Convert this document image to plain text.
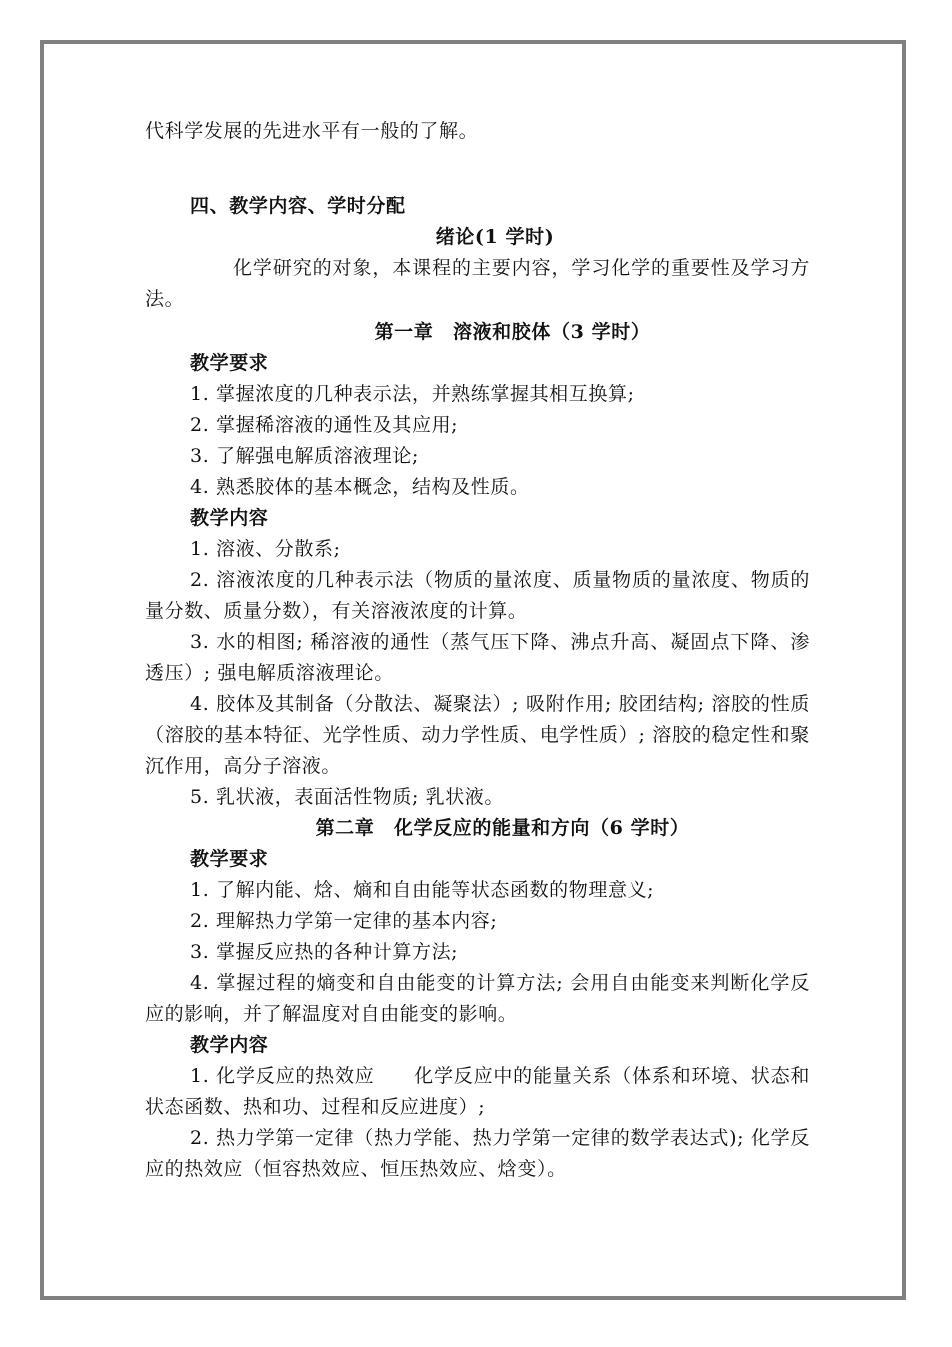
代科学发展的先进水平有一般的了解。

四、教学内容、学时分配

绪论(1 学时)

化学研究的对象，本课程的主要内容，学习化学的重要性及学习方法。

第一章　溶液和胶体（3 学时）

教学要求

1. 掌握浓度的几种表示法，并熟练掌握其相互换算;

2. 掌握稀溶液的通性及其应用;

3. 了解强电解质溶液理论;

4. 熟悉胶体的基本概念，结构及性质。

教学内容

1. 溶液、分散系;

2. 溶液浓度的几种表示法（物质的量浓度、质量物质的量浓度、物质的量分数、质量分数），有关溶液浓度的计算。

3. 水的相图; 稀溶液的通性（蒸气压下降、沸点升高、凝固点下降、渗透压）; 强电解质溶液理论。

4. 胶体及其制备（分散法、凝聚法）; 吸附作用; 胶团结构; 溶胶的性质（溶胶的基本特征、光学性质、动力学性质、电学性质）; 溶胶的稳定性和聚沉作用，高分子溶液。

5. 乳状液，表面活性物质; 乳状液。

第二章　化学反应的能量和方向（6 学时）

教学要求

1. 了解内能、焓、熵和自由能等状态函数的物理意义;

2. 理解热力学第一定律的基本内容;

3. 掌握反应热的各种计算方法;

4. 掌握过程的熵变和自由能变的计算方法; 会用自由能变来判断化学反应的影响，并了解温度对自由能变的影响。

教学内容

1. 化学反应的热效应　　化学反应中的能量关系（体系和环境、状态和状态函数、热和功、过程和反应进度）;

2. 热力学第一定律（热力学能、热力学第一定律的数学表达式); 化学反应的热效应（恒容热效应、恒压热效应、焓变）。
